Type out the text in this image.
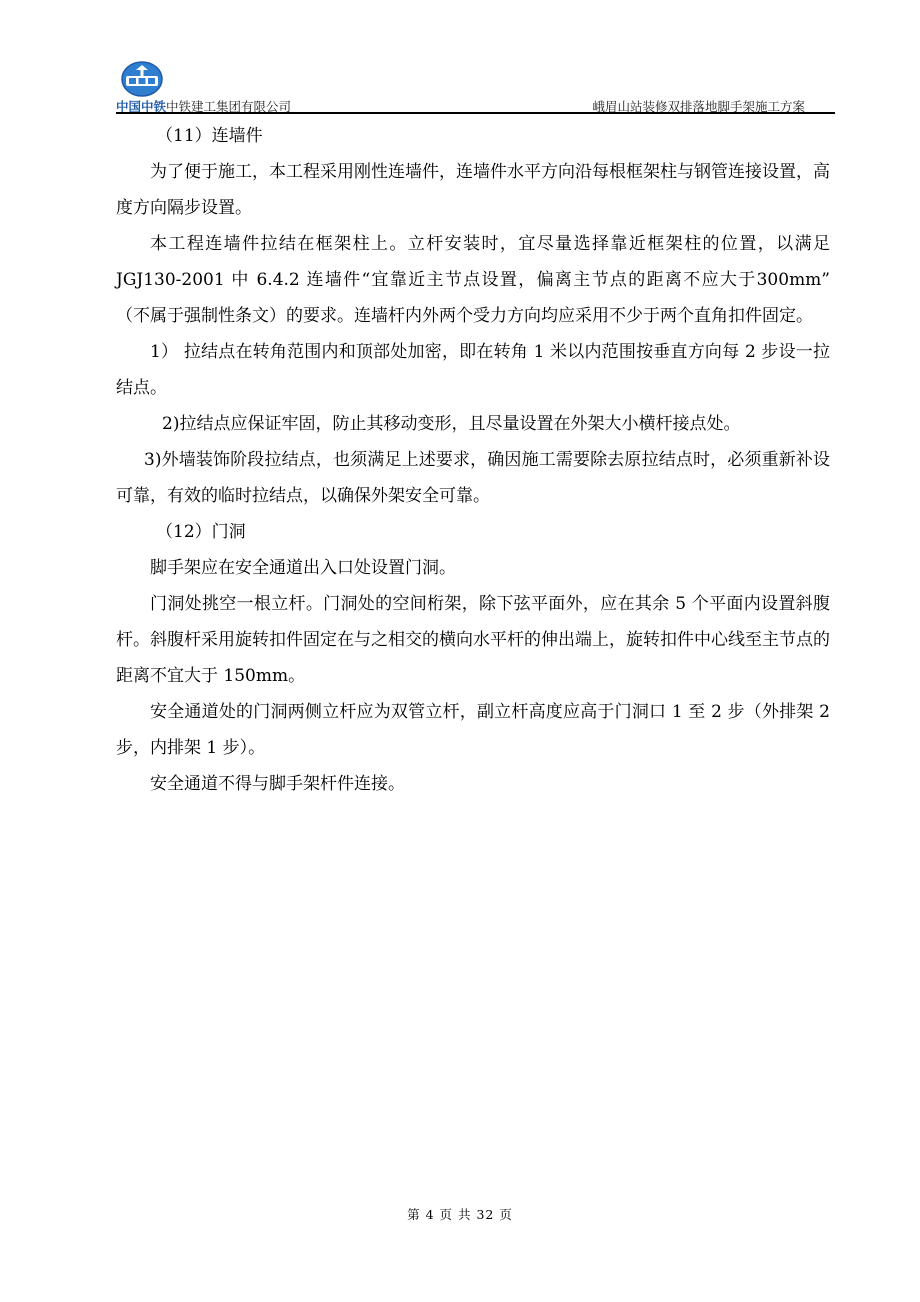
中国中铁中铁建工集团有限公司	峨眉山站装修双排落地脚手架施工方案

（11）连墙件

为了便于施工，本工程采用刚性连墙件，连墙件水平方向沿每根框架柱与钢管连接设置，高度方向隔步设置。

本工程连墙件拉结在框架柱上。立杆安装时，宜尽量选择靠近框架柱的位置，以满足 JGJ130-2001 中 6.4.2 连墙件“宜靠近主节点设置，偏离主节点的距离不应大于300mm”　（不属于强制性条文）的要求。连墙杆内外两个受力方向均应采用不少于两个直角扣件固定。

1） 拉结点在转角范围内和顶部处加密，即在转角 1 米以内范围按垂直方向每 2 步设一拉结点。

2)拉结点应保证牢固，防止其移动变形，且尽量设置在外架大小横杆接点处。

3)外墙装饰阶段拉结点，也须满足上述要求，确因施工需要除去原拉结点时，必须重新补设可靠，有效的临时拉结点，以确保外架安全可靠。

（12）门洞

脚手架应在安全通道出入口处设置门洞。

门洞处挑空一根立杆。门洞处的空间桁架，除下弦平面外，应在其余 5 个平面内设置斜腹杆。斜腹杆采用旋转扣件固定在与之相交的横向水平杆的伸出端上，旋转扣件中心线至主节点的距离不宜大于 150mm。

安全通道处的门洞两侧立杆应为双管立杆，副立杆高度应高于门洞口 1 至 2 步（外排架 2 步，内排架 1 步）。

安全通道不得与脚手架杆件连接。

第 4 页 共 32 页
